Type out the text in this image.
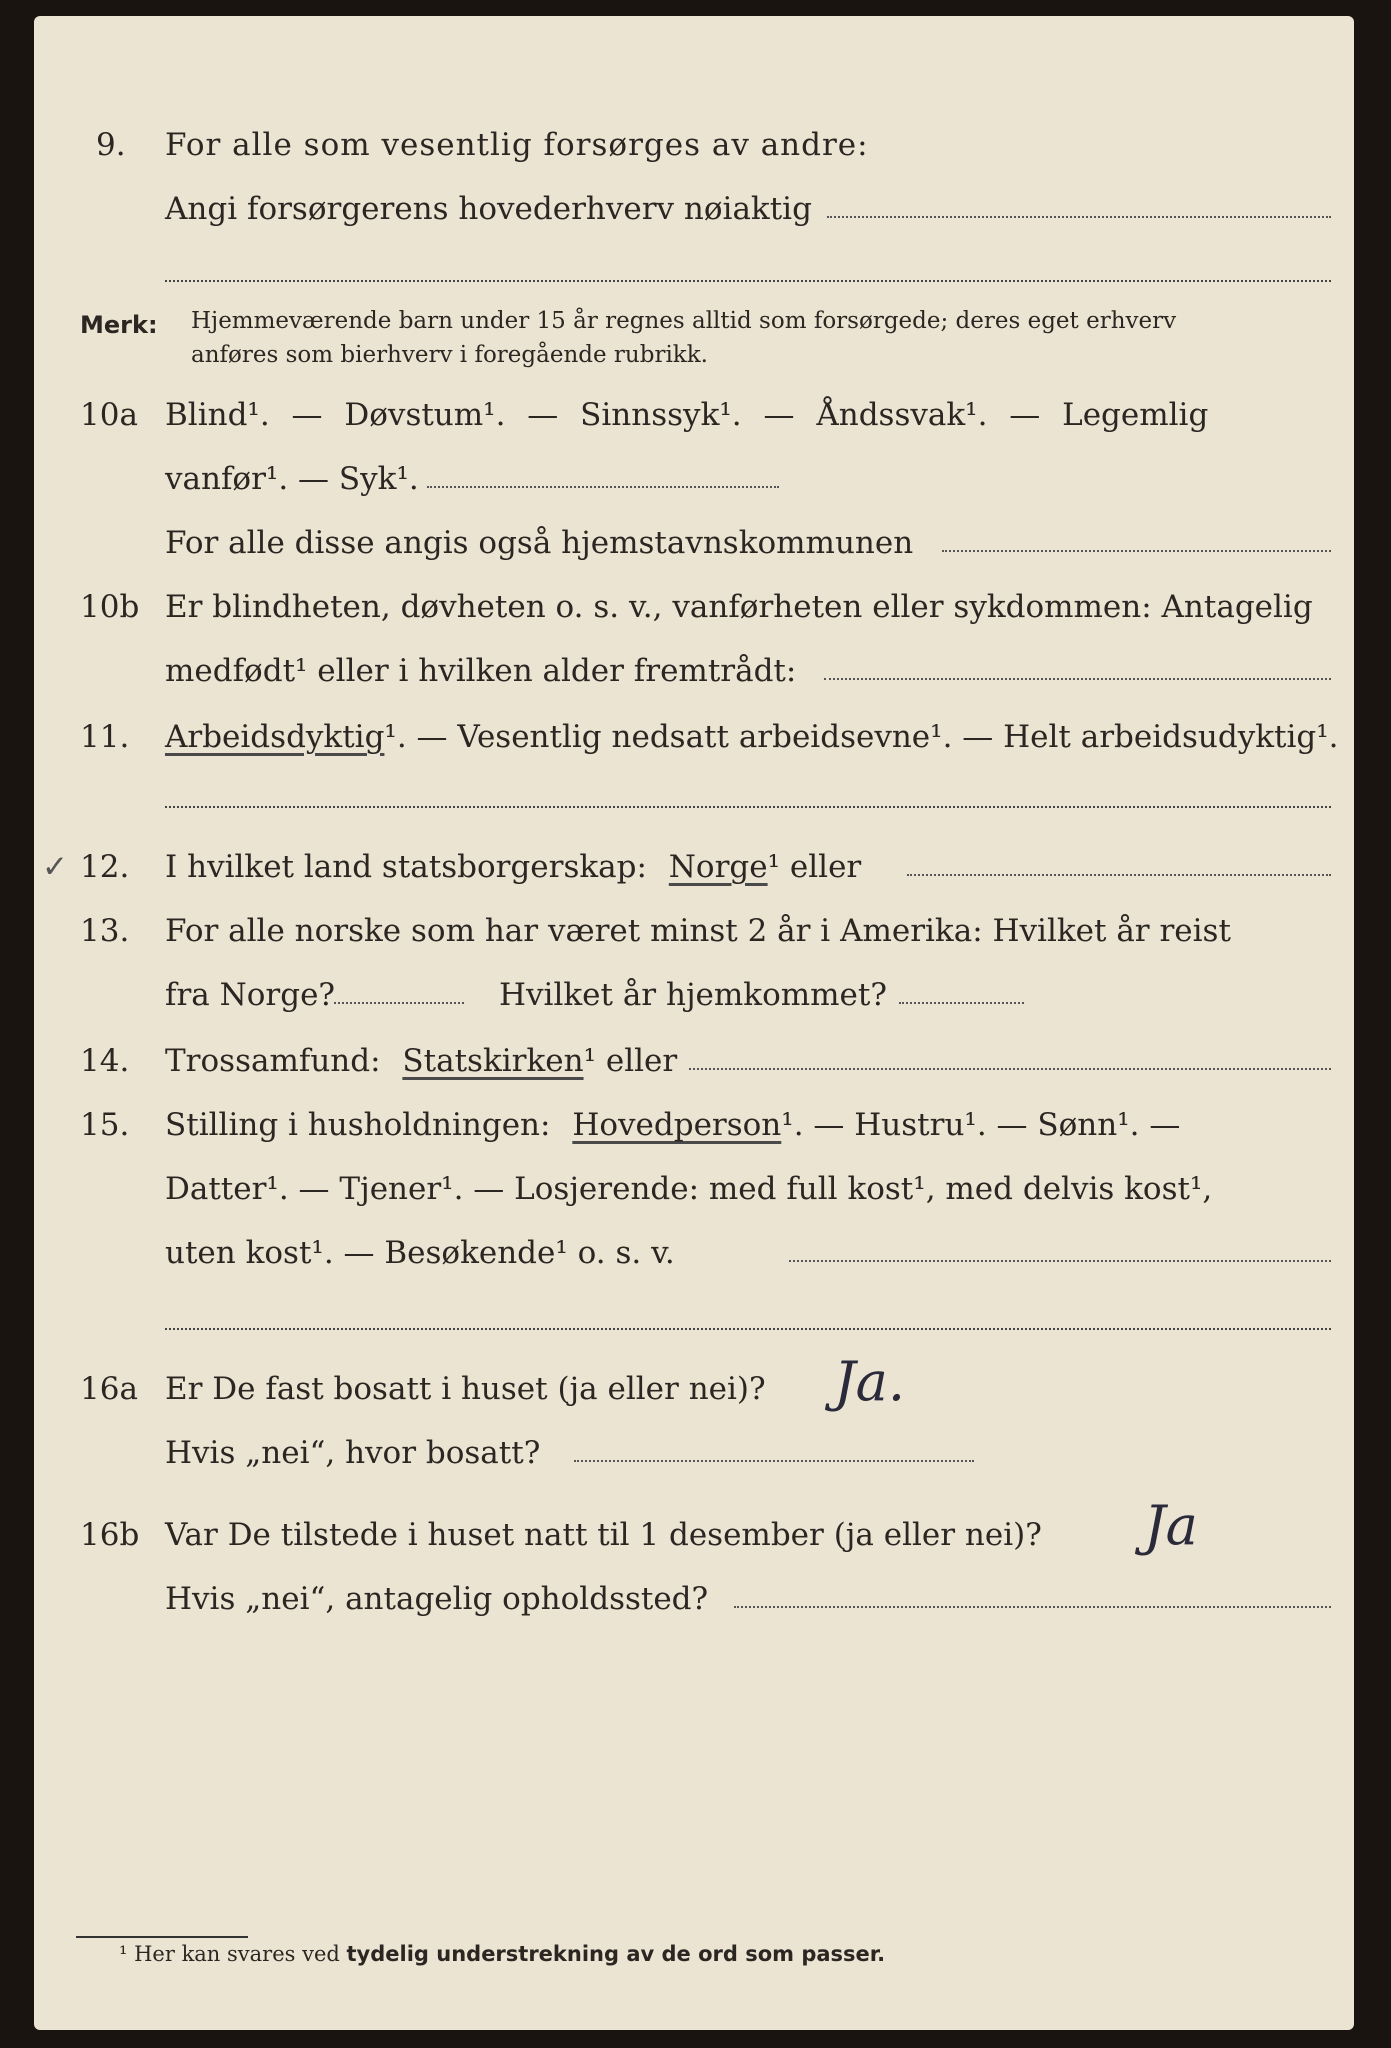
9. For alle som vesentlig forsørges av andre:
Angi forsørgerens hovederhverv nøiaktig
Merk: Hjemmeværende barn under 15 år regnes alltid som forsørgede; deres eget erhverv
anføres som bierhverv i foregående rubrikk.
10a Blind¹. — Døvstum¹. — Sinnssyk¹. — Åndssvak¹. — Legemlig
vanfør¹. — Syk¹.
For alle disse angis også hjemstavnskommunen
10b Er blindheten, døvheten o. s. v., vanførheten eller sykdommen: Antagelig
medfødt¹ eller i hvilken alder fremtrådt:
11. Arbeidsdyktig¹. — Vesentlig nedsatt arbeidsevne¹. — Helt arbeidsudyktig¹.
✓ 12. I hvilket land statsborgerskap: Norge¹ eller
13. For alle norske som har været minst 2 år i Amerika: Hvilket år reist
fra Norge?	Hvilket år hjemkommet?
14. Trossamfund: Statskirken¹ eller
15. Stilling i husholdningen: Hovedperson¹. — Hustru¹. — Sønn¹. —
Datter¹. — Tjener¹. — Losjerende: med full kost¹, med delvis kost¹,
uten kost¹. — Besøkende¹ o. s. v.
16a Er De fast bosatt i huset (ja eller nei)? Ja.
Hvis „nei“, hvor bosatt?
16b Var De tilstede i huset natt til 1 desember (ja eller nei)? Ja
Hvis „nei“, antagelig opholdssted?
¹ Her kan svares ved tydelig understrekning av de ord som passer.
